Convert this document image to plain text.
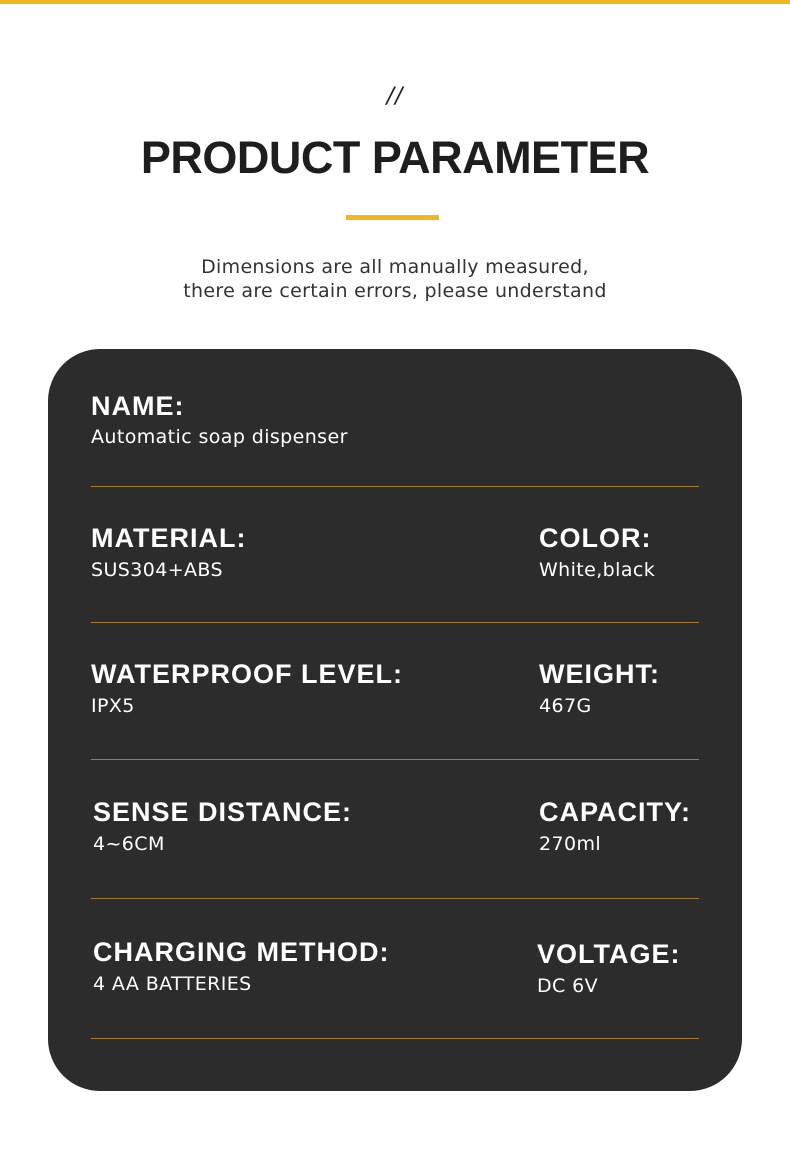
//
PRODUCT PARAMETER
Dimensions are all manually measured,
there are certain errors, please understand
NAME:
Automatic soap dispenser
MATERIAL:
SUS304+ABS
COLOR:
White,black
WATERPROOF LEVEL:
IPX5
WEIGHT:
467G
SENSE DISTANCE:
4~6CM
CAPACITY:
270ml
CHARGING METHOD:
4 AA BATTERIES
VOLTAGE:
DC 6V
